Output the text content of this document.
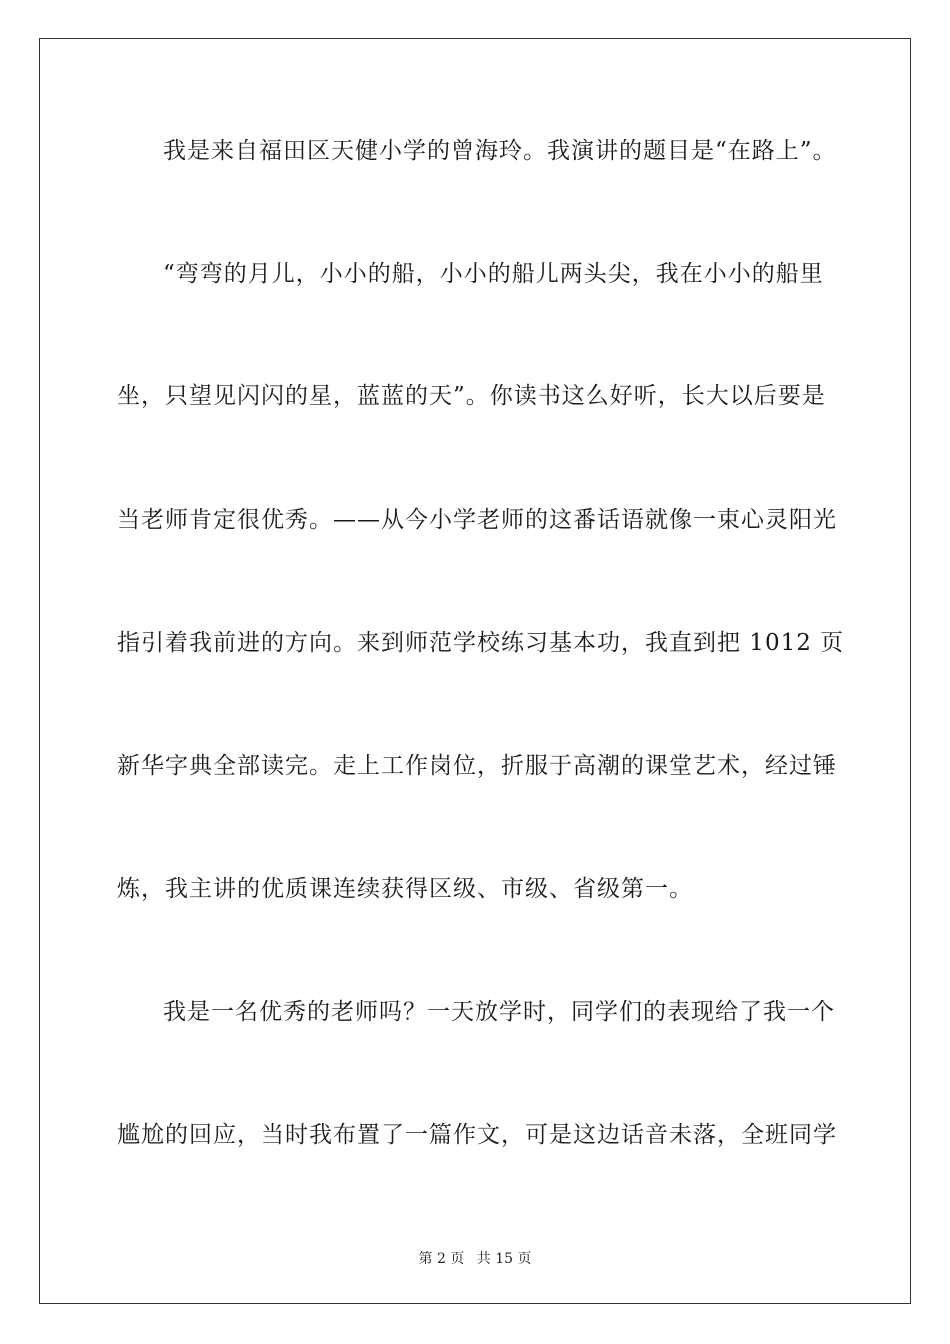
我是来自福田区天健小学的曾海玲。我演讲的题目是“在路上”。
“弯弯的月儿，小小的船，小小的船儿两头尖，我在小小的船里
坐，只望见闪闪的星，蓝蓝的天”。你读书这么好听，长大以后要是
当老师肯定很优秀。——从今小学老师的这番话语就像一束心灵阳光
指引着我前进的方向。来到师范学校练习基本功，我直到把 1012 页
新华字典全部读完。走上工作岗位，折服于高潮的课堂艺术，经过锤
炼，我主讲的优质课连续获得区级、市级、省级第一。
我是一名优秀的老师吗？一天放学时，同学们的表现给了我一个
尴尬的回应，当时我布置了一篇作文，可是这边话音未落，全班同学
第 2 页 共 15 页
